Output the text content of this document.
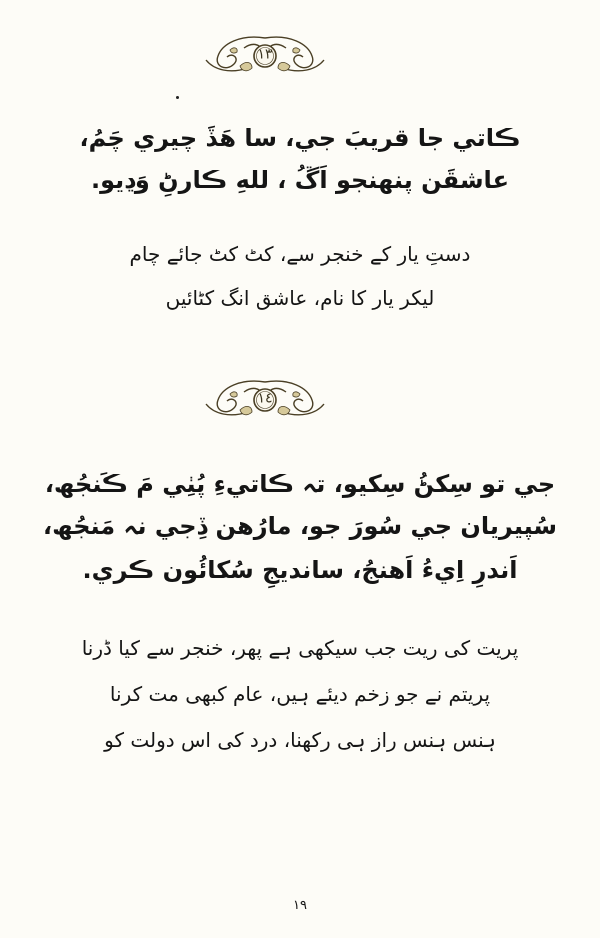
١٣
ڪاتي جا قريبَ جي، سا هَڏَ چيري چَمُ،
عاشقَن پنهنجو اَڱُ ، للهِ ڪارڻِ وَڍيو.
دستِ یار کے خنجر سے، کٹ کٹ جائے چام
لیکر یار کا نام، عاشق انگ کٹائیں
١٤
جي تو سِکڻُ سِکيو، تہ ڪاتيءِ پُٺِي مَ ڪَنجُھ،
سُپيريان جي سُورَ جو، مارُھن ڏِجي نہ مَنجُھ،
اَندرِ اِيءُ اَھنجُ، سانديجِ سُکائُون ڪري.
پریت کی ریت جب سیکھی ہے پھر، خنجر سے کیا ڈرنا
پریتم نے جو زخم دیئے ہیں، عام کبھی مت کرنا
ہنس ہنس راز ہی رکھنا، درد کی اس دولت کو
١٩
